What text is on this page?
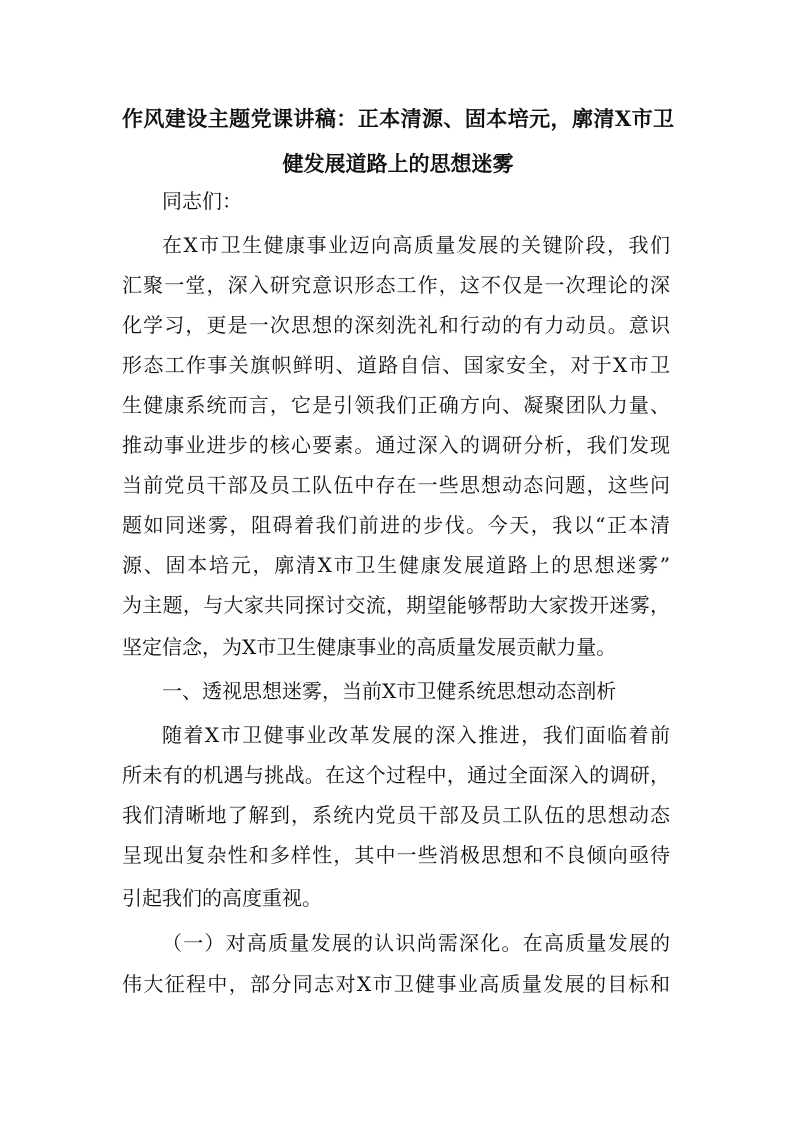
作风建设主题党课讲稿：正本清源、固本培元，廓清X市卫
健发展道路上的思想迷雾
同志们：
在X市卫生健康事业迈向高质量发展的关键阶段，我们
汇聚一堂，深入研究意识形态工作，这不仅是一次理论的深
化学习，更是一次思想的深刻洗礼和行动的有力动员。意识
形态工作事关旗帜鲜明、道路自信、国家安全，对于X市卫
生健康系统而言，它是引领我们正确方向、凝聚团队力量、
推动事业进步的核心要素。通过深入的调研分析，我们发现
当前党员干部及员工队伍中存在一些思想动态问题，这些问
题如同迷雾，阻碍着我们前进的步伐。今天，我以“正本清
源、固本培元，廓清X市卫生健康发展道路上的思想迷雾”
为主题，与大家共同探讨交流，期望能够帮助大家拨开迷雾，
坚定信念，为X市卫生健康事业的高质量发展贡献力量。
一、透视思想迷雾，当前X市卫健系统思想动态剖析
随着X市卫健事业改革发展的深入推进，我们面临着前
所未有的机遇与挑战。在这个过程中，通过全面深入的调研，
我们清晰地了解到，系统内党员干部及员工队伍的思想动态
呈现出复杂性和多样性，其中一些消极思想和不良倾向亟待
引起我们的高度重视。
（一）对高质量发展的认识尚需深化。在高质量发展的
伟大征程中，部分同志对X市卫健事业高质量发展的目标和
